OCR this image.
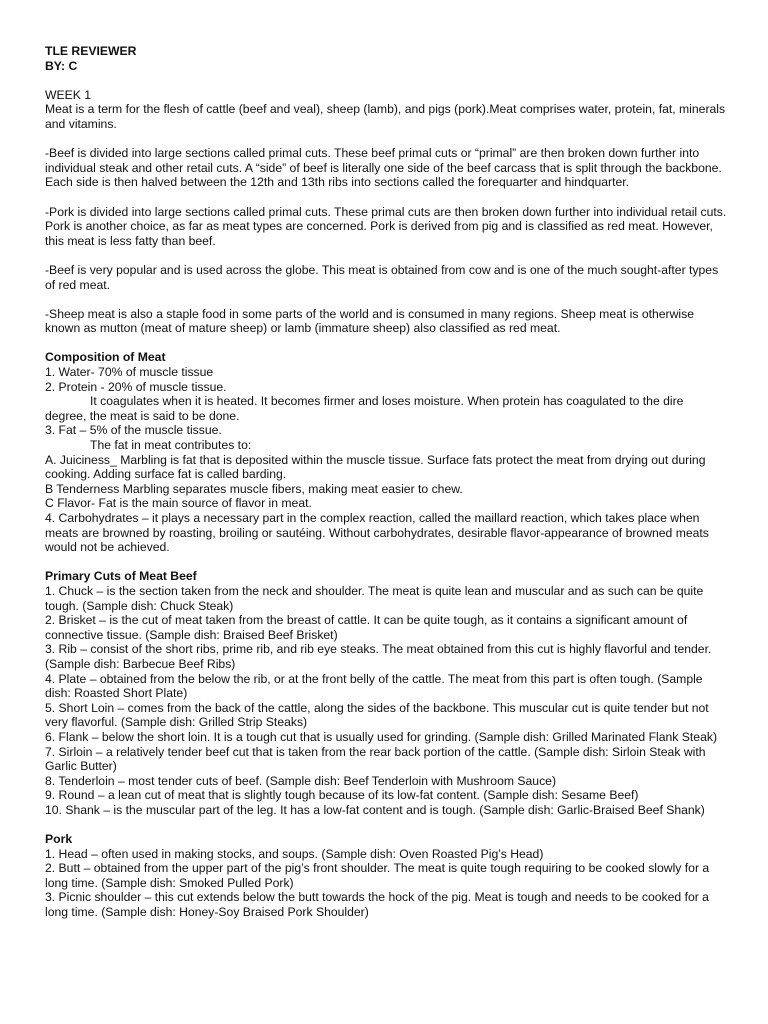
TLE REVIEWER

BY: C

WEEK 1

Meat is a term for the flesh of cattle (beef and veal), sheep (lamb), and pigs (pork).Meat comprises water, protein, fat, minerals and vitamins.

-Beef is divided into large sections called primal cuts. These beef primal cuts or “primal” are then broken down further into individual steak and other retail cuts. A “side” of beef is literally one side of the beef carcass that is split through the backbone. Each side is then halved between the 12th and 13th ribs into sections called the forequarter and hindquarter.

-Pork is divided into large sections called primal cuts. These primal cuts are then broken down further into individual retail cuts. Pork is another choice, as far as meat types are concerned. Pork is derived from pig and is classified as red meat. However, this meat is less fatty than beef.

-Beef is very popular and is used across the globe. This meat is obtained from cow and is one of the much sought-after types of red meat.

-Sheep meat is also a staple food in some parts of the world and is consumed in many regions. Sheep meat is otherwise known as mutton (meat of mature sheep) or lamb (immature sheep) also classified as red meat.

Composition of Meat

1. Water- 70% of muscle tissue

2. Protein - 20% of muscle tissue.

It coagulates when it is heated. It becomes firmer and loses moisture. When protein has coagulated to the dire degree, the meat is said to be done.

3. Fat – 5% of the muscle tissue.

The fat in meat contributes to:

A. Juiciness_ Marbling is fat that is deposited within the muscle tissue. Surface fats protect the meat from drying out during cooking. Adding surface fat is called barding.

B Tenderness Marbling separates muscle fibers, making meat easier to chew.

C Flavor- Fat is the main source of flavor in meat.

4. Carbohydrates – it plays a necessary part in the complex reaction, called the maillard reaction, which takes place when meats are browned by roasting, broiling or sautéing. Without carbohydrates, desirable flavor-appearance of browned meats would not be achieved.

Primary Cuts of Meat Beef

1. Chuck – is the section taken from the neck and shoulder. The meat is quite lean and muscular and as such can be quite tough. (Sample dish: Chuck Steak)

2. Brisket – is the cut of meat taken from the breast of cattle. It can be quite tough, as it contains a significant amount of connective tissue. (Sample dish: Braised Beef Brisket)

3. Rib – consist of the short ribs, prime rib, and rib eye steaks. The meat obtained from this cut is highly flavorful and tender. (Sample dish: Barbecue Beef Ribs)

4. Plate – obtained from the below the rib, or at the front belly of the cattle. The meat from this part is often tough. (Sample dish: Roasted Short Plate)

5. Short Loin – comes from the back of the cattle, along the sides of the backbone. This muscular cut is quite tender but not very flavorful. (Sample dish: Grilled Strip Steaks)

6. Flank – below the short loin. It is a tough cut that is usually used for grinding. (Sample dish: Grilled Marinated Flank Steak)

7. Sirloin – a relatively tender beef cut that is taken from the rear back portion of the cattle. (Sample dish: Sirloin Steak with Garlic Butter)

8. Tenderloin – most tender cuts of beef. (Sample dish: Beef Tenderloin with Mushroom Sauce)

9. Round – a lean cut of meat that is slightly tough because of its low-fat content. (Sample dish: Sesame Beef)

10. Shank – is the muscular part of the leg. It has a low-fat content and is tough. (Sample dish: Garlic-Braised Beef Shank)

Pork

1. Head – often used in making stocks, and soups. (Sample dish: Oven Roasted Pig’s Head)

2. Butt – obtained from the upper part of the pig’s front shoulder. The meat is quite tough requiring to be cooked slowly for a long time. (Sample dish: Smoked Pulled Pork)

3. Picnic shoulder – this cut extends below the butt towards the hock of the pig. Meat is tough and needs to be cooked for a long time. (Sample dish: Honey-Soy Braised Pork Shoulder)
